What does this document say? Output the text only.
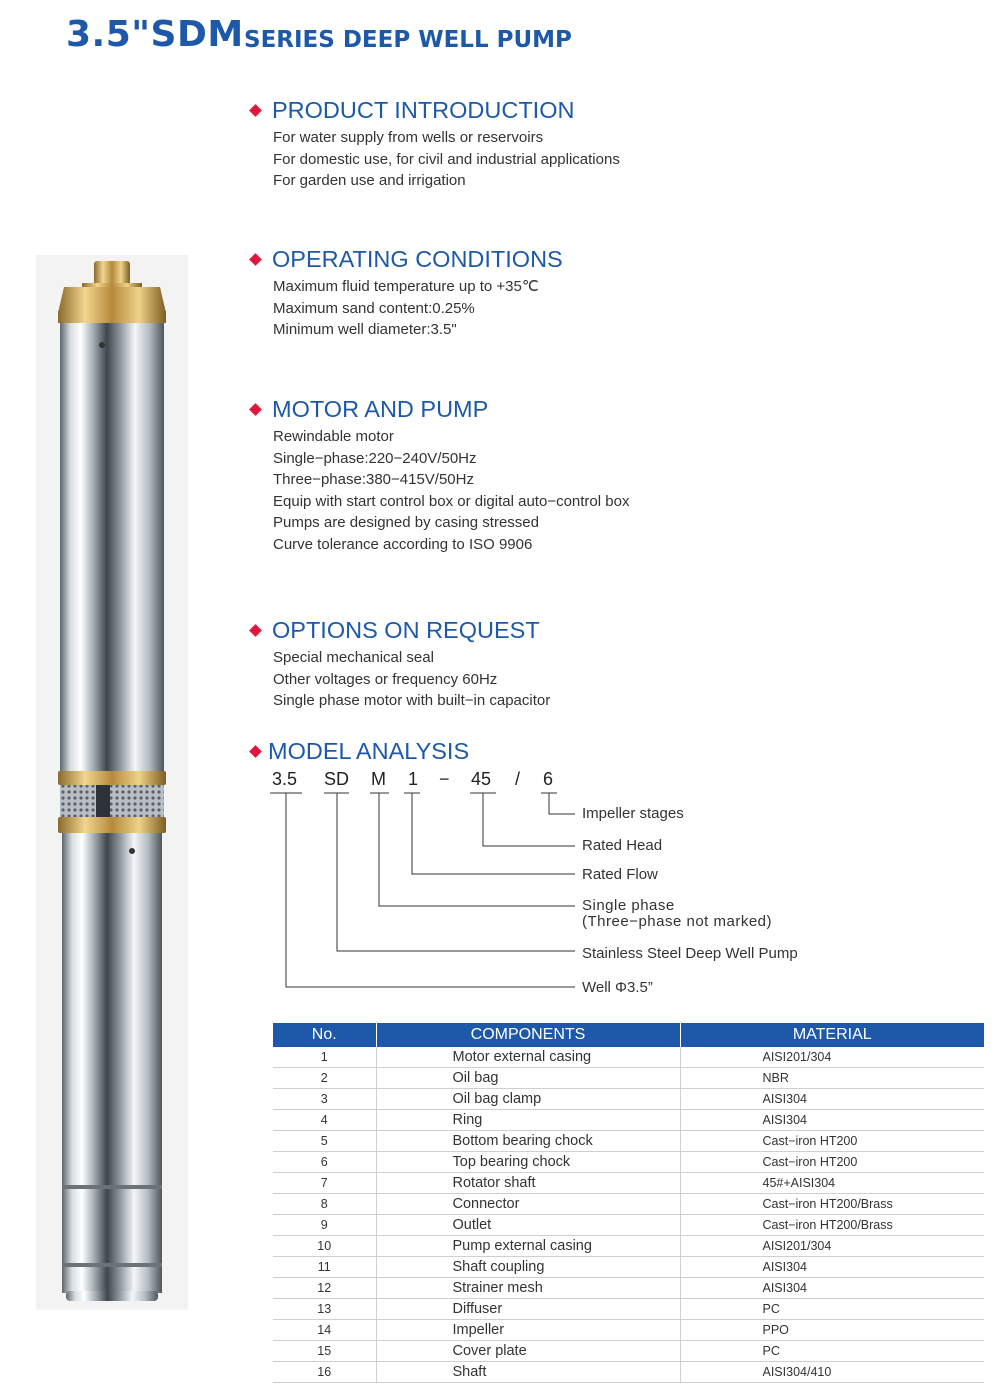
3.5"SDM SERIES DEEP WELL PUMP
PRODUCT INTRODUCTION
For water supply from wells or reservoirs
For domestic use, for civil and industrial applications
For garden use and irrigation
OPERATING CONDITIONS
Maximum fluid temperature up to +35℃
Maximum sand content:0.25%
Minimum well diameter:3.5"
MOTOR AND PUMP
Rewindable motor
Single−phase:220−240V/50Hz
Three−phase:380−415V/50Hz
Equip with start control box or digital auto−control box
Pumps are designed by casing stressed
Curve tolerance according to ISO 9906
OPTIONS ON REQUEST
Special mechanical seal
Other voltages or frequency 60Hz
Single phase motor with built−in capacitor
MODEL ANALYSIS
3.5 SD M 1 − 45 / 6
Impeller stages
Rated Head
Rated Flow
Single phase
(Three−phase not marked)
Stainless Steel Deep Well Pump
Well Φ3.5”
No.	COMPONENTS	MATERIAL
1	Motor external casing	AISI201/304
2	Oil bag	NBR
3	Oil bag clamp	AISI304
4	Ring	AISI304
5	Bottom bearing chock	Cast−iron HT200
6	Top bearing chock	Cast−iron HT200
7	Rotator shaft	45#+AISI304
8	Connector	Cast−iron HT200/Brass
9	Outlet	Cast−iron HT200/Brass
10	Pump external casing	AISI201/304
11	Shaft coupling	AISI304
12	Strainer mesh	AISI304
13	Diffuser	PC
14	Impeller	PPO
15	Cover plate	PC
16	Shaft	AISI304/410
